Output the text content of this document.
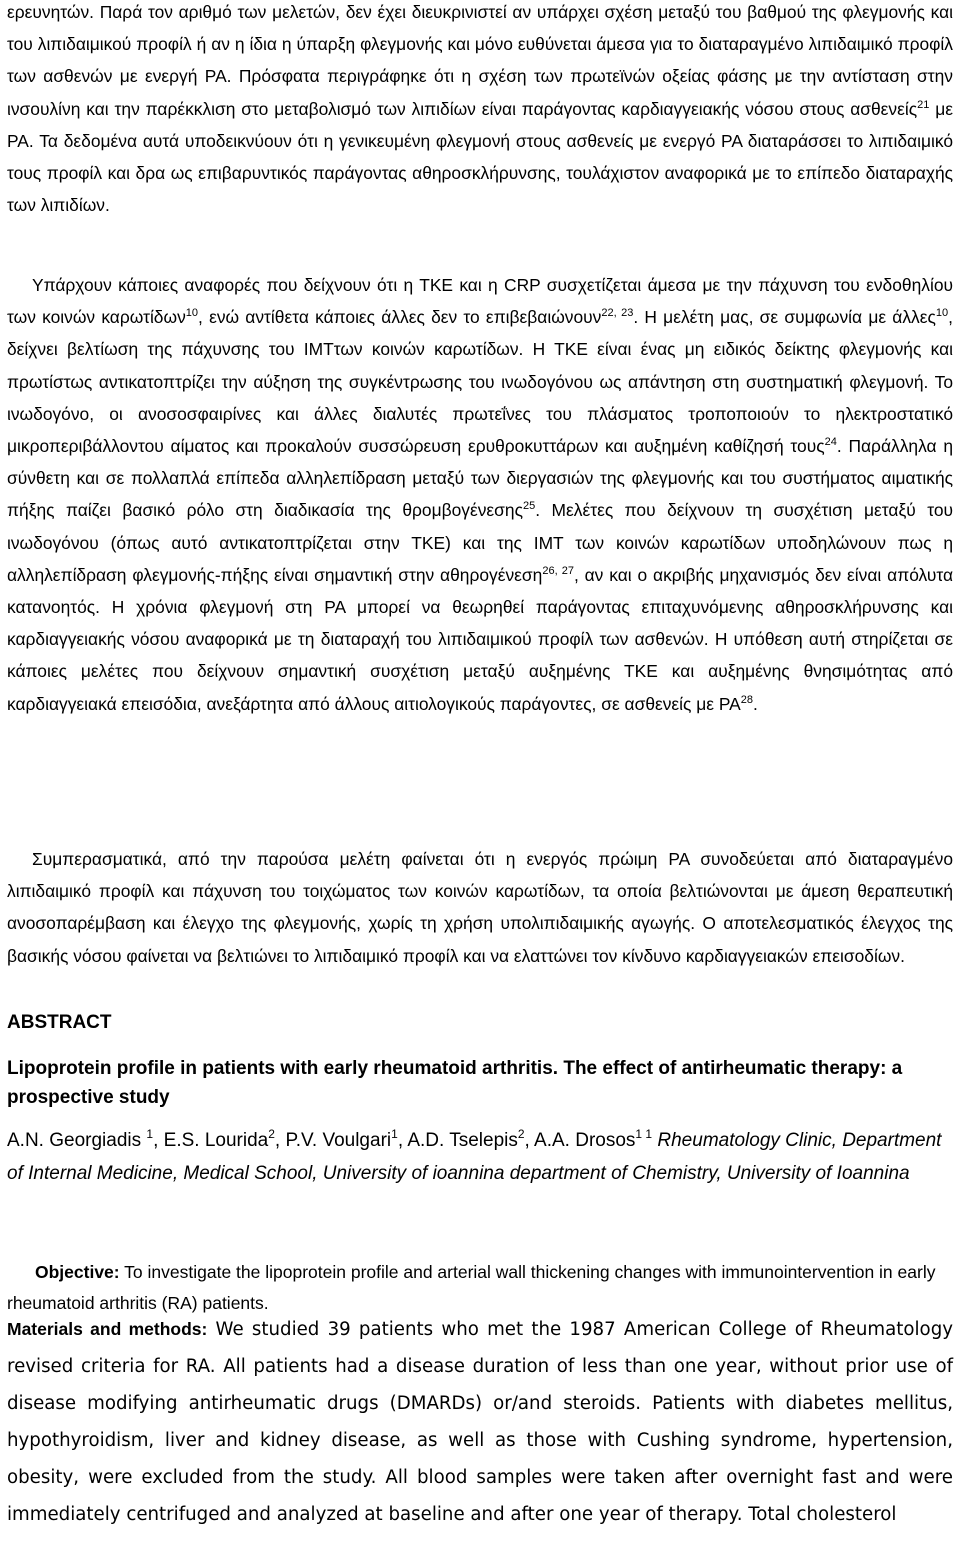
ερευνητών. Παρά τον αριθμό των μελετών, δεν έχει διευκρινιστεί αν υπάρχει σχέση μεταξύ του βαθμού της φλεγμονής και του λιπιδαιμικού προφίλ ή αν η ίδια η ύπαρξη φλεγμονής και μόνο ευθύνεται άμεσα για το διαταραγμένο λιπιδαιμικό προφίλ των ασθενών με ενεργή ΡΑ. Πρόσφατα περιγράφηκε ότι η σχέση των πρωτεϊνών οξείας φάσης με την αντίσταση στην ινσουλίνη και την παρέκκλιση στο μεταβολισμό των λιπιδίων είναι παράγοντας καρδιαγγειακής νόσου στους ασθενείς$^{21}$ με ΡΑ. Τα δεδομένα αυτά υποδεικνύουν ότι η γενικευμένη φλεγμονή στους ασθενείς με ενεργό ΡΑ διαταράσσει το λιπιδαιμικό τους προφίλ και δρα ως επιβαρυντικός παράγοντας αθηροσκλήρυνσης, τουλάχιστον αναφορικά με το επίπεδο διαταραχής των λιπιδίων.

Υπάρχουν κάποιες αναφορές που δείχνουν ότι η ΤΚΕ και η CRP συσχετίζεται άμεσα με την πάχυνση του ενδοθηλίου των κοινών καρωτίδων$^{10}$, ενώ αντίθετα κάποιες άλλες δεν το επιβεβαιώνουν$^{22, 23}$. Η μελέτη μας, σε συμφωνία με άλλες$^{10}$, δείχνει βελτίωση της πάχυνσης του IMTτων κοινών καρωτίδων. Η ΤΚΕ είναι ένας μη ειδικός δείκτης φλεγμονής και πρωτίστως αντικατοπτρίζει την αύξηση της συγκέντρωσης του ινωδογόνου ως απάντηση στη συστηματική φλεγμονή. Το ινωδογόνο, οι ανοσοσφαιρίνες και άλλες διαλυτές πρωτεΐνες του πλάσματος τροποποιούν το ηλεκτροστατικό μικροπεριβάλλοντου αίματος και προκαλούν συσσώρευση ερυθροκυττάρων και αυξημένη καθίζησή τους$^{24}$. Παράλληλα η σύνθετη και σε πολλαπλά επίπεδα αλληλεπίδραση μεταξύ των διεργασιών της φλεγμονής και του συστήματος αιματικής πήξης παίζει βασικό ρόλο στη διαδικασία της θρομβογένεσης$^{25}$. Μελέτες που δείχνουν τη συσχέτιση μεταξύ του ινωδογόνου (όπως αυτό αντικατοπτρίζεται στην ΤΚΕ) και της IMT των κοινών καρωτίδων υποδηλώνουν πως η αλληλεπίδραση φλεγμονής-πήξης είναι σημαντική στην αθηρογένεση$^{26, 27}$, αν και ο ακριβής μηχανισμός δεν είναι απόλυτα κατανοητός. Η χρόνια φλεγμονή στη ΡΑ μπορεί να θεωρηθεί παράγοντας επιταχυνόμενης αθηροσκλήρυνσης και καρδιαγγειακής νόσου αναφορικά με τη διαταραχή του λιπιδαιμικού προφίλ των ασθενών. Η υπόθεση αυτή στηρίζεται σε κάποιες μελέτες που δείχνουν σημαντική συσχέτιση μεταξύ αυξημένης ΤΚΕ και αυξημένης θνησιμότητας από καρδιαγγειακά επεισόδια, ανεξάρτητα από άλλους αιτιολογικούς παράγοντες, σε ασθενείς με ΡΑ$^{28}$.

Συμπερασματικά, από την παρούσα μελέτη φαίνεται ότι η ενεργός πρώιμη ΡΑ συνοδεύεται από διαταραγμένο λιπιδαιμικό προφίλ και πάχυνση του τοιχώματος των κοινών καρωτίδων, τα οποία βελτιώνονται με άμεση θεραπευτική ανοσοπαρέμβαση και έλεγχο της φλεγμονής, χωρίς τη χρήση υπολιπιδαιμικής αγωγής. Ο αποτελεσματικός έλεγχος της βασικής νόσου φαίνεται να βελτιώνει το λιπιδαιμικό προφίλ και να ελαττώνει τον κίνδυνο καρδιαγγειακών επεισοδίων.

ABSTRACT
Lipoprotein profile in patients with early rheumatoid arthritis. The effect of antirheumatic therapy: a prospective study

A.N. Georgiadis $^1$, E.S. Lourida$^2$, P.V. Voulgari$^1$, A.D. Tselepis$^2$, A.A. Drosos$^{1 1}$ Rheumatology Clinic, Department of Internal Medicine, Medical School, University of ioannina department of Chemistry, University of Ioannina

Objective: To investigate the lipoprotein profile and arterial wall thickening changes with immunointervention in early rheumatoid arthritis (RA) patients.

Materials and methods: We studied 39 patients who met the 1987 American College of Rheumatology revised criteria for RA. All patients had a disease duration of less than one year, without prior use of disease modifying antirheumatic drugs (DMARDs) or/and steroids. Patients with diabetes mellitus, hypothyroidism, liver and kidney disease, as well as those with Cushing syndrome, hypertension, obesity, were excluded from the study. All blood samples were taken after overnight fast and were immediately centrifuged and analyzed at baseline and after one year of therapy. Total cholesterol
